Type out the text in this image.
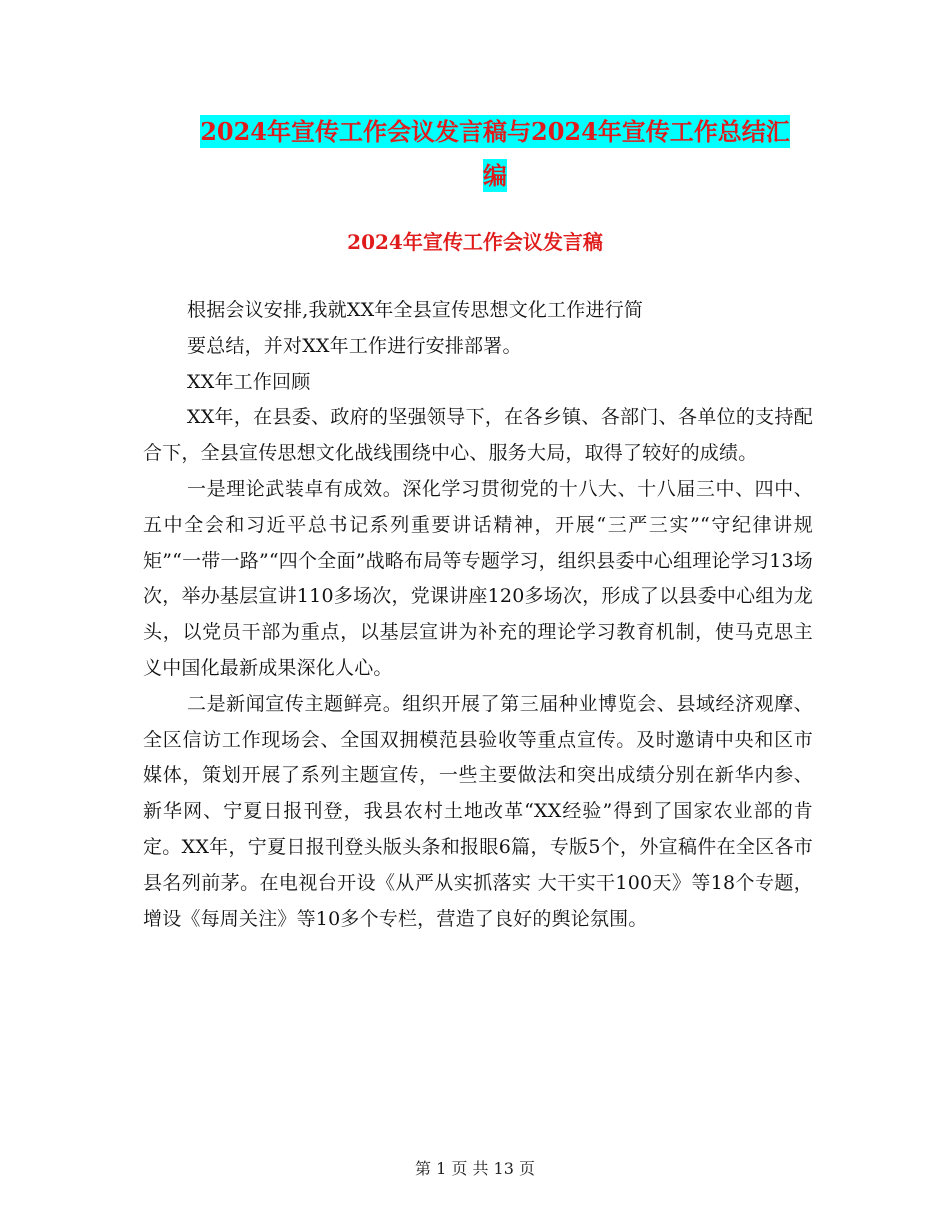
2024年宣传工作会议发言稿与2024年宣传工作总结汇
编
2024年宣传工作会议发言稿

根据会议安排,我就XX年全县宣传思想文化工作进行简

要总结，并对XX年工作进行安排部署。

XX年工作回顾

XX年，在县委、政府的坚强领导下，在各乡镇、各部门、各单位的支持配合下，全县宣传思想文化战线围绕中心、服务大局，取得了较好的成绩。

一是理论武装卓有成效。深化学习贯彻党的十八大、十八届三中、四中、五中全会和习近平总书记系列重要讲话精神，开展“三严三实”“守纪律讲规矩”“一带一路”“四个全面”战略布局等专题学习，组织县委中心组理论学习13场次，举办基层宣讲110多场次，党课讲座120多场次，形成了以县委中心组为龙头，以党员干部为重点，以基层宣讲为补充的理论学习教育机制，使马克思主义中国化最新成果深化人心。

二是新闻宣传主题鲜亮。组织开展了第三届种业博览会、县域经济观摩、全区信访工作现场会、全国双拥模范县验收等重点宣传。及时邀请中央和区市媒体，策划开展了系列主题宣传，一些主要做法和突出成绩分别在新华内参、新华网、宁夏日报刊登，我县农村土地改革“XX经验”得到了国家农业部的肯定。XX年，宁夏日报刊登头版头条和报眼6篇，专版5个，外宣稿件在全区各市县名列前茅。在电视台开设《从严从实抓落实 大干实干100天》等18个专题，增设《每周关注》等10多个专栏，营造了良好的舆论氛围。

第 1 页 共 13 页
